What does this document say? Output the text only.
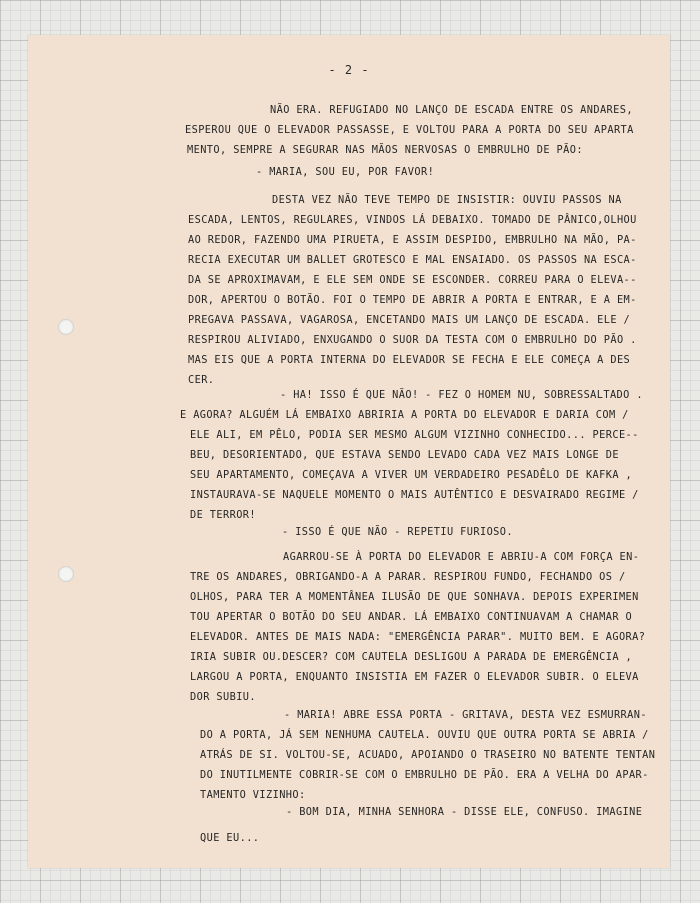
- 2 -
NÃO ERA. REFUGIADO NO LANÇO DE ESCADA ENTRE OS ANDARES,
ESPEROU QUE O ELEVADOR PASSASSE, E VOLTOU PARA A PORTA DO SEU APARTA
MENTO, SEMPRE A SEGURAR NAS MÃOS NERVOSAS O EMBRULHO DE PÃO:
- MARIA, SOU EU, POR FAVOR!
DESTA VEZ NÃO TEVE TEMPO DE INSISTIR: OUVIU PASSOS NA
ESCADA, LENTOS, REGULARES, VINDOS LÁ DEBAIXO. TOMADO DE PÂNICO,OLHOU
AO REDOR, FAZENDO UMA PIRUETA, E ASSIM DESPIDO, EMBRULHO NA MÃO, PA-
RECIA EXECUTAR UM BALLET GROTESCO E MAL ENSAIADO. OS PASSOS NA ESCA-
DA SE APROXIMAVAM, E ELE SEM ONDE SE ESCONDER. CORREU PARA O ELEVA--
DOR, APERTOU O BOTÃO. FOI O TEMPO DE ABRIR A PORTA E ENTRAR, E A EM-
PREGAVA PASSAVA, VAGAROSA, ENCETANDO MAIS UM LANÇO DE ESCADA. ELE /
RESPIROU ALIVIADO, ENXUGANDO O SUOR DA TESTA COM O EMBRULHO DO PÃO .
MAS EIS QUE A PORTA INTERNA DO ELEVADOR SE FECHA E ELE COMEÇA A DES
CER.
- HA! ISSO É QUE NÃO! - FEZ O HOMEM NU, SOBRESSALTADO .
E AGORA? ALGUÉM LÁ EMBAIXO ABRIRIA A PORTA DO ELEVADOR E DARIA COM /
ELE ALI, EM PÊLO, PODIA SER MESMO ALGUM VIZINHO CONHECIDO... PERCE--
BEU, DESORIENTADO, QUE ESTAVA SENDO LEVADO CADA VEZ MAIS LONGE DE
SEU APARTAMENTO, COMEÇAVA A VIVER UM VERDADEIRO PESADÊLO DE KAFKA ,
INSTAURAVA-SE NAQUELE MOMENTO O MAIS AUTÊNTICO E DESVAIRADO REGIME /
DE TERROR!
- ISSO É QUE NÃO - REPETIU FURIOSO.
AGARROU-SE À PORTA DO ELEVADOR E ABRIU-A COM FORÇA EN-
TRE OS ANDARES, OBRIGANDO-A A PARAR. RESPIROU FUNDO, FECHANDO OS /
OLHOS, PARA TER A MOMENTÂNEA ILUSÃO DE QUE SONHAVA. DEPOIS EXPERIMEN
TOU APERTAR O BOTÃO DO SEU ANDAR. LÁ EMBAIXO CONTINUAVAM A CHAMAR O
ELEVADOR. ANTES DE MAIS NADA: "EMERGÊNCIA PARAR". MUITO BEM. E AGORA?
IRIA SUBIR OU.DESCER? COM CAUTELA DESLIGOU A PARADA DE EMERGÊNCIA ,
LARGOU A PORTA, ENQUANTO INSISTIA EM FAZER O ELEVADOR SUBIR. O ELEVA
DOR SUBIU.
- MARIA! ABRE ESSA PORTA - GRITAVA, DESTA VEZ ESMURRAN-
DO A PORTA, JÁ SEM NENHUMA CAUTELA. OUVIU QUE OUTRA PORTA SE ABRIA /
ATRÁS DE SI. VOLTOU-SE, ACUADO, APOIANDO O TRASEIRO NO BATENTE TENTAN
DO INUTILMENTE COBRIR-SE COM O EMBRULHO DE PÃO. ERA A VELHA DO APAR-
TAMENTO VIZINHO:
- BOM DIA, MINHA SENHORA - DISSE ELE, CONFUSO. IMAGINE
QUE EU...
